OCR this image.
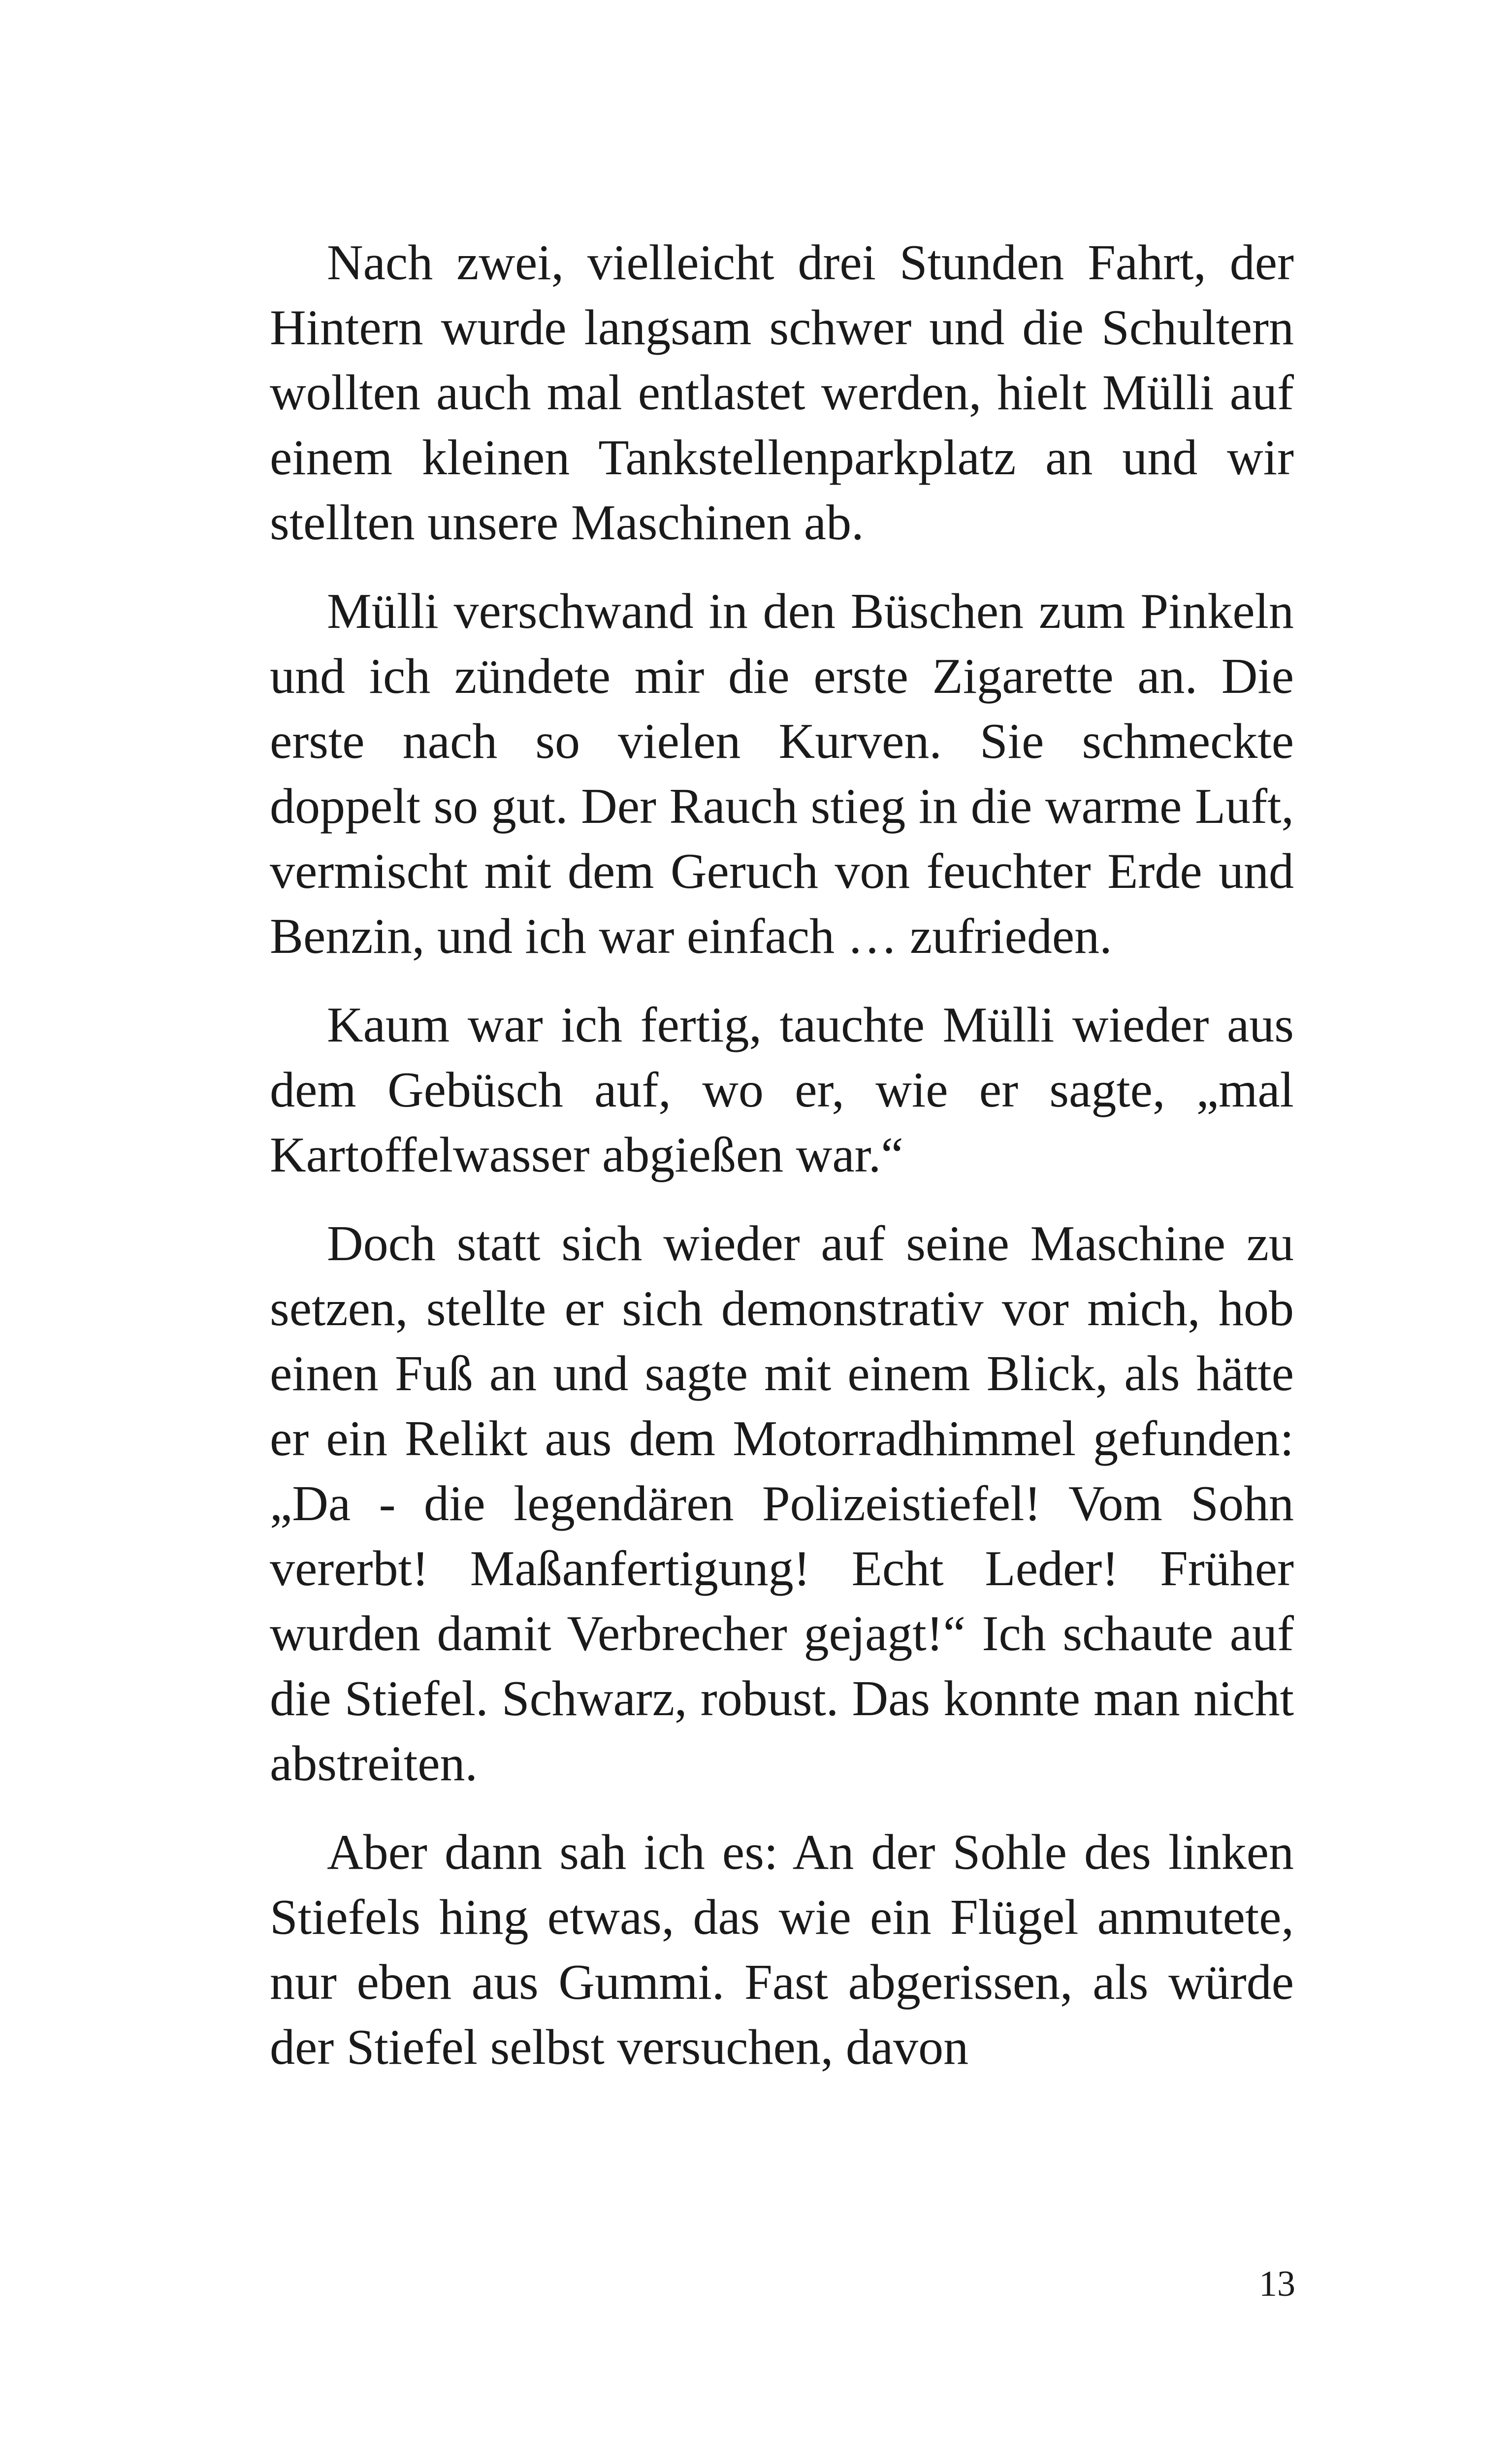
Nach zwei, vielleicht drei Stunden Fahrt, der Hintern wurde langsam schwer und die Schultern wollten auch mal entlastet werden, hielt Mülli auf einem kleinen Tankstellenparkplatz an und wir stellten unsere Maschinen ab.

Mülli verschwand in den Büschen zum Pinkeln und ich zündete mir die erste Zigarette an. Die erste nach so vielen Kurven. Sie schmeckte doppelt so gut. Der Rauch stieg in die warme Luft, vermischt mit dem Geruch von feuchter Erde und Benzin, und ich war einfach … zufrieden.

Kaum war ich fertig, tauchte Mülli wieder aus dem Gebüsch auf, wo er, wie er sagte, „mal Kartoffelwasser abgießen war.“

Doch statt sich wieder auf seine Maschine zu setzen, stellte er sich demonstrativ vor mich, hob einen Fuß an und sagte mit einem Blick, als hätte er ein Relikt aus dem Motorradhimmel gefunden: „Da - die legendären Polizeistiefel! Vom Sohn vererbt! Maßanfertigung! Echt Leder! Früher wurden damit Verbrecher gejagt!“ Ich schaute auf die Stiefel. Schwarz, robust. Das konnte man nicht abstreiten.

Aber dann sah ich es: An der Sohle des linken Stiefels hing etwas, das wie ein Flügel anmutete, nur eben aus Gummi. Fast abgerissen, als würde der Stiefel selbst versuchen, davon

13
